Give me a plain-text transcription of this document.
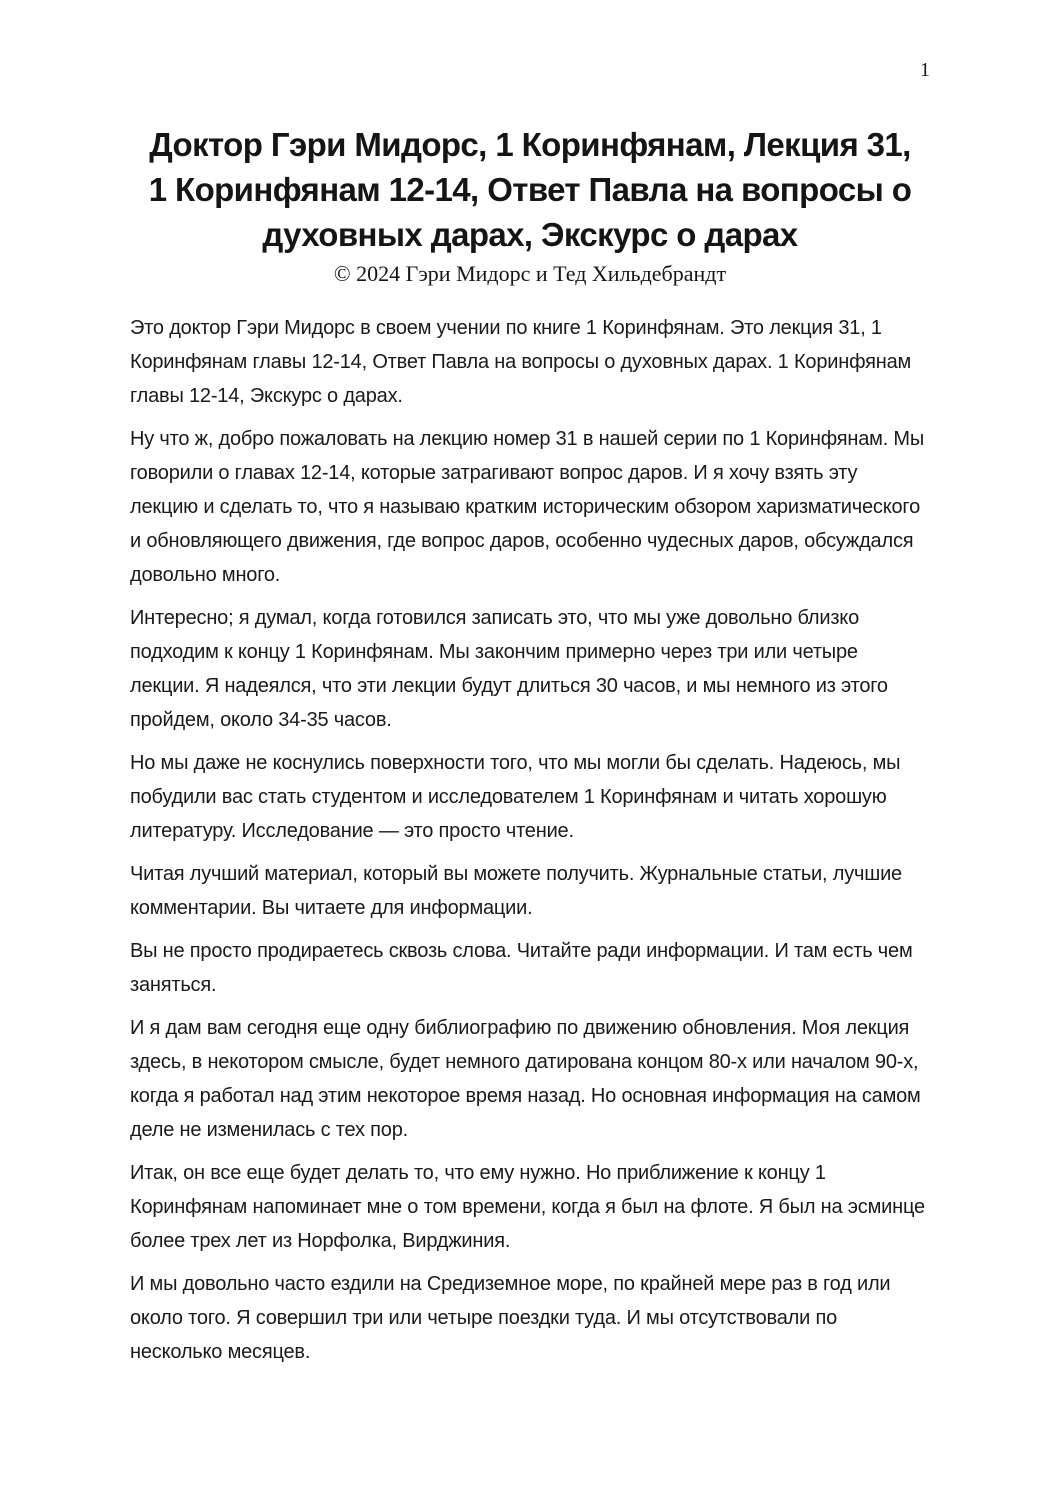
1
Доктор Гэри Мидорс, 1 Коринфянам, Лекция 31,
1 Коринфянам 12-14, Ответ Павла на вопросы о
духовных дарах, Экскурс о дарах
© 2024 Гэри Мидорс и Тед Хильдебрандт

Это доктор Гэри Мидорс в своем учении по книге 1 Коринфянам. Это лекция 31, 1 Коринфянам главы 12-14, Ответ Павла на вопросы о духовных дарах. 1 Коринфянам главы 12-14, Экскурс о дарах.

Ну что ж, добро пожаловать на лекцию номер 31 в нашей серии по 1 Коринфянам. Мы говорили о главах 12-14, которые затрагивают вопрос даров. И я хочу взять эту лекцию и сделать то, что я называю кратким историческим обзором харизматического и обновляющего движения, где вопрос даров, особенно чудесных даров, обсуждался довольно много.

Интересно; я думал, когда готовился записать это, что мы уже довольно близко подходим к концу 1 Коринфянам. Мы закончим примерно через три или четыре лекции. Я надеялся, что эти лекции будут длиться 30 часов, и мы немного из этого пройдем, около 34-35 часов.

Но мы даже не коснулись поверхности того, что мы могли бы сделать. Надеюсь, мы побудили вас стать студентом и исследователем 1 Коринфянам и читать хорошую литературу. Исследование — это просто чтение.

Читая лучший материал, который вы можете получить. Журнальные статьи, лучшие комментарии. Вы читаете для информации.

Вы не просто продираетесь сквозь слова. Читайте ради информации. И там есть чем заняться.

И я дам вам сегодня еще одну библиографию по движению обновления. Моя лекция здесь, в некотором смысле, будет немного датирована концом 80-х или началом 90-х, когда я работал над этим некоторое время назад. Но основная информация на самом деле не изменилась с тех пор.

Итак, он все еще будет делать то, что ему нужно. Но приближение к концу 1 Коринфянам напоминает мне о том времени, когда я был на флоте. Я был на эсминце более трех лет из Норфолка, Вирджиния.

И мы довольно часто ездили на Средиземное море, по крайней мере раз в год или около того. Я совершил три или четыре поездки туда. И мы отсутствовали по несколько месяцев.
